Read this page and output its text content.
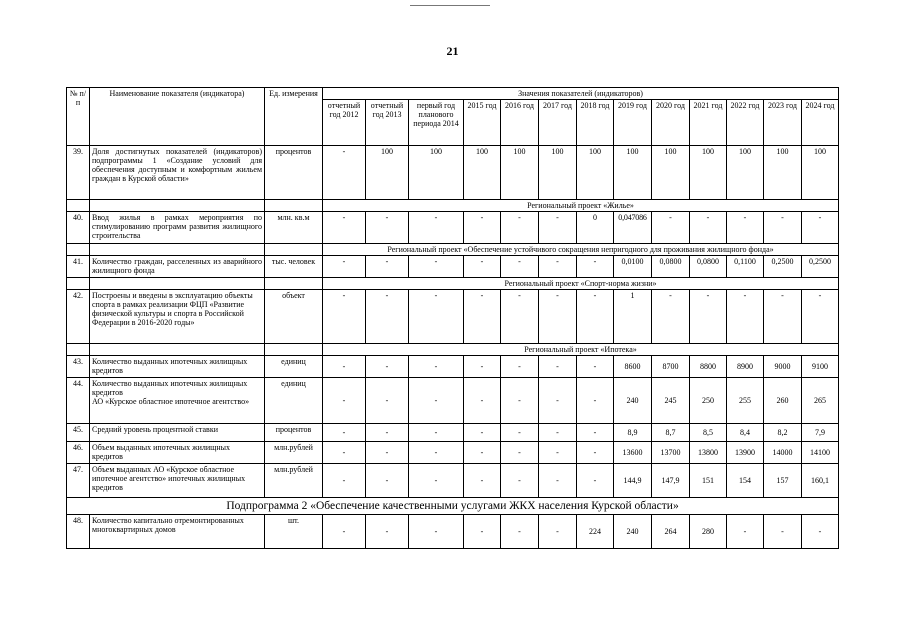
21
№ п/п	Наименование показателя (индикатора)	Ед. измерения	Значения показателей (индикаторов)												
			отчетный год 2012	отчетный год 2013	первый год планового периода 2014	2015 год	2016 год	2017 год	2018 год	2019 год	2020 год	2021 год	2022 год	2023 год	2024 год
39.	Доля достигнутых показателей (индикаторов) подпрограммы 1 «Создание условий для обеспечения доступным и комфортным жильем граждан в Курской области»	процентов	-	100	100	100	100	100	100	100	100	100	100	100	100
			Региональный проект «Жилье»												
40.	Ввод жилья в рамках мероприятия по стимулированию программ развития жилищного строительства	млн. кв.м	-	-	-	-	-	-	0	0,047086	-	-	-	-	-
			Региональный проект «Обеспечение устойчивого сокращения непригодного для проживания жилищного фонда»												
41.	Количество граждан, расселенных из аварийного жилищного фонда	тыс. человек	-	-	-	-	-	-	-	0,0100	0,0800	0,0800	0,1100	0,2500	0,2500
			Региональный проект «Спорт-норма жизни»												
42.	Построены и введены в эксплуатацию объекты спорта в рамках реализации ФЦП «Развитие физической культуры и спорта в Российской Федерации в 2016-2020 годы»	объект	-	-	-	-	-	-	-	1	-	-	-	-	-
			Региональный проект «Ипотека»												
43.	Количество выданных ипотечных жилищных кредитов	единиц	-	-	-	-	-	-	-	8600	8700	8800	8900	9000	9100
44.	Количество выданных ипотечных жилищных кредитов
АО «Курское областное ипотечное агентство»	единиц	-	-	-	-	-	-	-	240	245	250	255	260	265
45.	Средний уровень процентной ставки	процентов	-	-	-	-	-	-	-	8,9	8,7	8,5	8,4	8,2	7,9
46.	Объем выданных ипотечных жилищных кредитов	млн.рублей	-	-	-	-	-	-	-	13600	13700	13800	13900	14000	14100
47.	Объем выданных АО «Курское областное ипотечное агентство» ипотечных жилищных кредитов	млн.рублей	-	-	-	-	-	-	-	144,9	147,9	151	154	157	160,1
Подпрограмма 2 «Обеспечение качественными услугами ЖКХ населения Курской области»															
48.	Количество капитально отремонтированных многоквартирных домов	шт.	-	-	-	-	-	-	224	240	264	280	-	-	-
